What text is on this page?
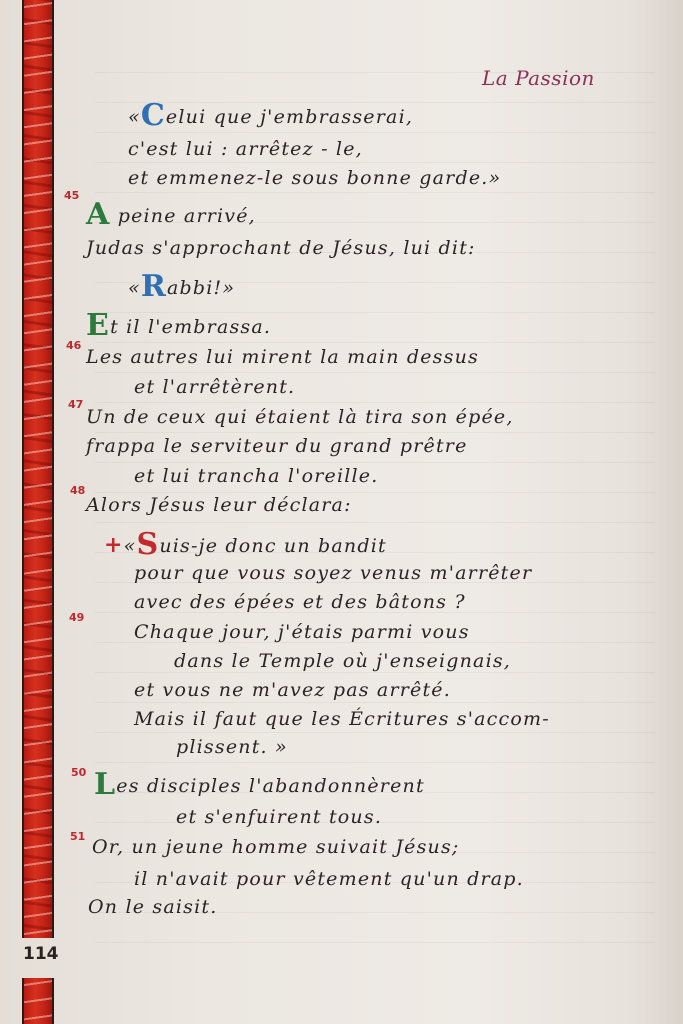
114
La Passion
45
46
47
48
49
50
51
«Celui que j'embrasserai,
c'est lui : arrêtez - le,
et emmenez-le sous bonne garde.»
A peine arrivé,
Judas s'approchant de Jésus, lui dit:
«Rabbi!»
Et il l'embrassa.
Les autres lui mirent la main dessus
et l'arrêtèrent.
Un de ceux qui étaient là tira son épée,
frappa le serviteur du grand prêtre
et lui trancha l'oreille.
Alors Jésus leur déclara:
+«Suis-je donc un bandit
pour que vous soyez venus m'arrêter
avec des épées et des bâtons ?
Chaque jour, j'étais parmi vous
dans le Temple où j'enseignais,
et vous ne m'avez pas arrêté.
Mais il faut que les Écritures s'accom-
plissent. »
Les disciples l'abandonnèrent
et s'enfuirent tous.
Or, un jeune homme suivait Jésus;
il n'avait pour vêtement qu'un drap.
On le saisit.
